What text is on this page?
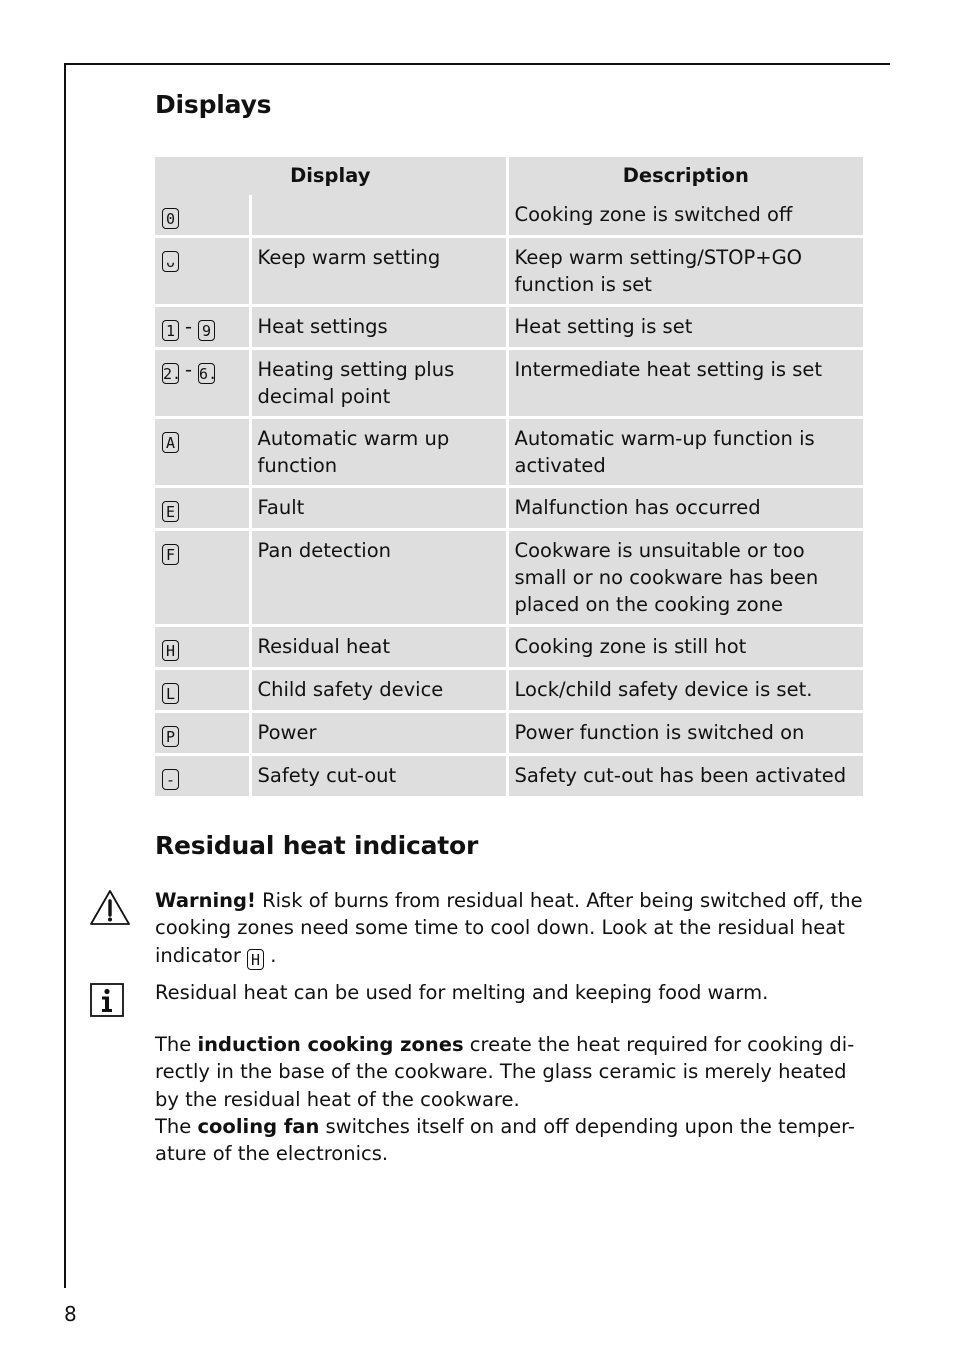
Displays
Display		Description
0		Cooking zone is switched off
ᴗ	Keep warm setting	Keep warm setting/STOP+GO function is set
1 - 9	Heat settings	Heat setting is set
2. - 6.	Heating setting plus decimal point	Intermediate heat setting is set
A	Automatic warm up function	Automatic warm-up function is activated
E	Fault	Malfunction has occurred
F	Pan detection	Cookware is unsuitable or too small or no cookware has been placed on the cooking zone
H	Residual heat	Cooking zone is still hot
L	Child safety device	Lock/child safety device is set.
P	Power	Power function is switched on
-	Safety cut-out	Safety cut-out has been activated
Residual heat indicator
Warning! Risk of burns from residual heat. After being switched off, the cooking zones need some time to cool down. Look at the residual heat indicator H .
Residual heat can be used for melting and keeping food warm.
The induction cooking zones create the heat required for cooking di-rectly in the base of the cookware. The glass ceramic is merely heated by the residual heat of the cookware.
The cooling fan switches itself on and off depending upon the temper-ature of the electronics.
8
